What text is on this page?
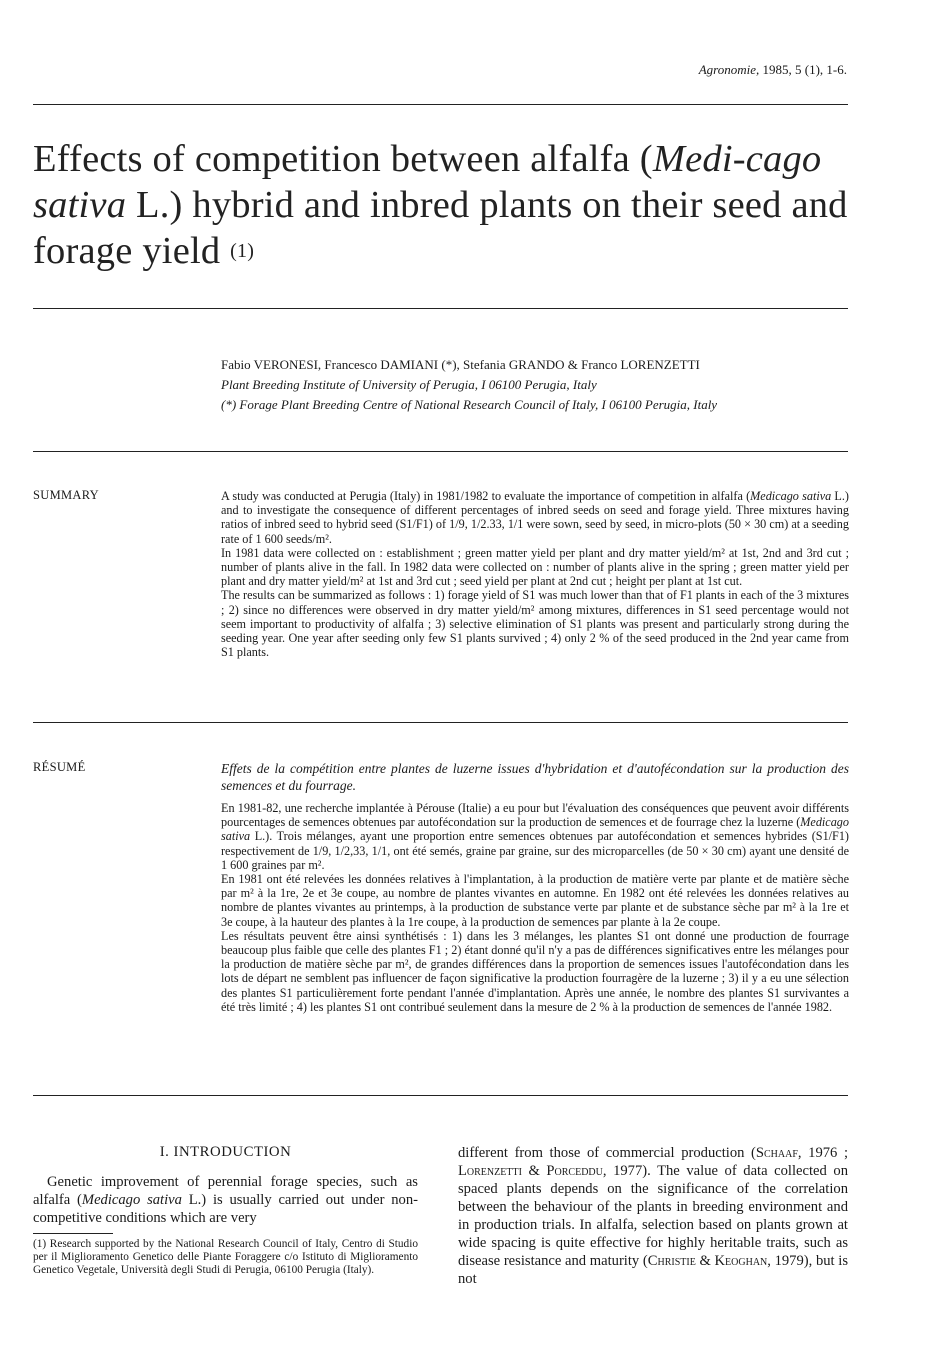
Agronomie, 1985, 5 (1), 1-6.
Effects of competition between alfalfa (Medi-cago sativa L.) hybrid and inbred plants on their seed and forage yield (1)
Fabio VERONESI, Francesco DAMIANI (*), Stefania GRANDO & Franco LORENZETTI
Plant Breeding Institute of University of Perugia, I 06100 Perugia, Italy
(*) Forage Plant Breeding Centre of National Research Council of Italy, I 06100 Perugia, Italy
SUMMARY	A study was conducted at Perugia (Italy) in 1981/1982 to evaluate the importance of competition in alfalfa (Medicago sativa L.) and to investigate the consequence of different percentages of inbred seeds on seed and forage yield. Three mixtures having ratios of inbred seed to hybrid seed (S1/F1) of 1/9, 1/2.33, 1/1 were sown, seed by seed, in micro-plots (50 × 30 cm) at a seeding rate of 1 600 seeds/m².

In 1981 data were collected on : establishment ; green matter yield per plant and dry matter yield/m² at 1st, 2nd and 3rd cut ; number of plants alive in the fall. In 1982 data were collected on : number of plants alive in the spring ; green matter yield per plant and dry matter yield/m² at 1st and 3rd cut ; seed yield per plant at 2nd cut ; height per plant at 1st cut.

The results can be summarized as follows : 1) forage yield of S1 was much lower than that of F1 plants in each of the 3 mixtures ; 2) since no differences were observed in dry matter yield/m² among mixtures, differences in S1 seed percentage would not seem important to productivity of alfalfa ; 3) selective elimination of S1 plants was present and particularly strong during the seeding year. One year after seeding only few S1 plants survived ; 4) only 2 % of the seed produced in the 2nd year came from S1 plants.

RÉSUMÉ	Effets de la compétition entre plantes de luzerne issues d'hybridation et d'autofécondation sur la production des semences et du fourrage.

En 1981-82, une recherche implantée à Pérouse (Italie) a eu pour but l'évaluation des conséquences que peuvent avoir différents pourcentages de semences obtenues par autofécondation sur la production de semences et de fourrage chez la luzerne (Medicago sativa L.). Trois mélanges, ayant une proportion entre semences obtenues par autofécondation et semences hybrides (S1/F1) respectivement de 1/9, 1/2,33, 1/1, ont été semés, graine par graine, sur des microparcelles (de 50 × 30 cm) ayant une densité de 1 600 graines par m².

En 1981 ont été relevées les données relatives à l'implantation, à la production de matière verte par plante et de matière sèche par m² à la 1re, 2e et 3e coupe, au nombre de plantes vivantes en automne. En 1982 ont été relevées les données relatives au nombre de plantes vivantes au printemps, à la production de substance verte par plante et de substance sèche par m² à la 1re et 3e coupe, à la hauteur des plantes à la 1re coupe, à la production de semences par plante à la 2e coupe.

Les résultats peuvent être ainsi synthétisés : 1) dans les 3 mélanges, les plantes S1 ont donné une production de fourrage beaucoup plus faible que celle des plantes F1 ; 2) étant donné qu'il n'y a pas de différences significatives entre les mélanges pour la production de matière sèche par m², de grandes différences dans la proportion de semences issues l'autofécondation dans les lots de départ ne semblent pas influencer de façon significative la production fourragère de la luzerne ; 3) il y a eu une sélection des plantes S1 particulièrement forte pendant l'année d'implantation. Après une année, le nombre des plantes S1 survivantes a été très limité ; 4) les plantes S1 ont contribué seulement dans la mesure de 2 % à la production de semences de l'année 1982.

I. INTRODUCTION

Genetic improvement of perennial forage species, such as alfalfa (Medicago sativa L.) is usually carried out under non-competitive conditions which are very

(1) Research supported by the National Research Council of Italy, Centro di Studio per il Miglioramento Genetico delle Piante Foraggere c/o Istituto di Miglioramento Genetico Vegetale, Università degli Studi di Perugia, 06100 Perugia (Italy).

different from those of commercial production (Schaaf, 1976 ; Lorenzetti & Porceddu, 1977). The value of data collected on spaced plants depends on the significance of the correlation between the behaviour of the plants in breeding environment and in production trials. In alfalfa, selection based on plants grown at wide spacing is quite effective for highly heritable traits, such as disease resistance and maturity (Christie & Keoghan, 1979), but is not
